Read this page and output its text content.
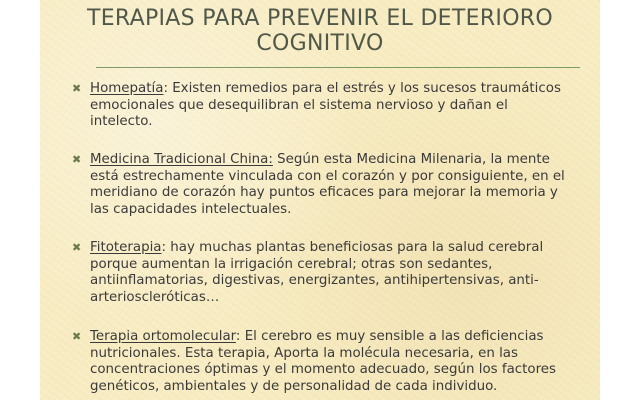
TERAPIAS PARA PREVENIR EL DETERIORO
COGNITIVO
✖ Homepatía: Existen remedios para el estrés y los sucesos traumáticos emocionales que desequilibran el sistema nervioso y dañan el intelecto.
✖ Medicina Tradicional China: Según esta Medicina Milenaria, la mente está estrechamente vinculada con el corazón y por consiguiente, en el meridiano de corazón hay puntos eficaces para mejorar la memoria y las capacidades intelectuales.
✖ Fitoterapia: hay muchas plantas beneficiosas para la salud cerebral porque aumentan la irrigación cerebral; otras son sedantes, antiinflamatorias, digestivas, energizantes, antihipertensivas, anti-arterioscleróticas…
✖ Terapia ortomolecular: El cerebro es muy sensible a las deficiencias nutricionales. Esta terapia, Aporta la molécula necesaria, en las concentraciones óptimas y el momento adecuado, según los factores genéticos, ambientales y de personalidad de cada individuo.
